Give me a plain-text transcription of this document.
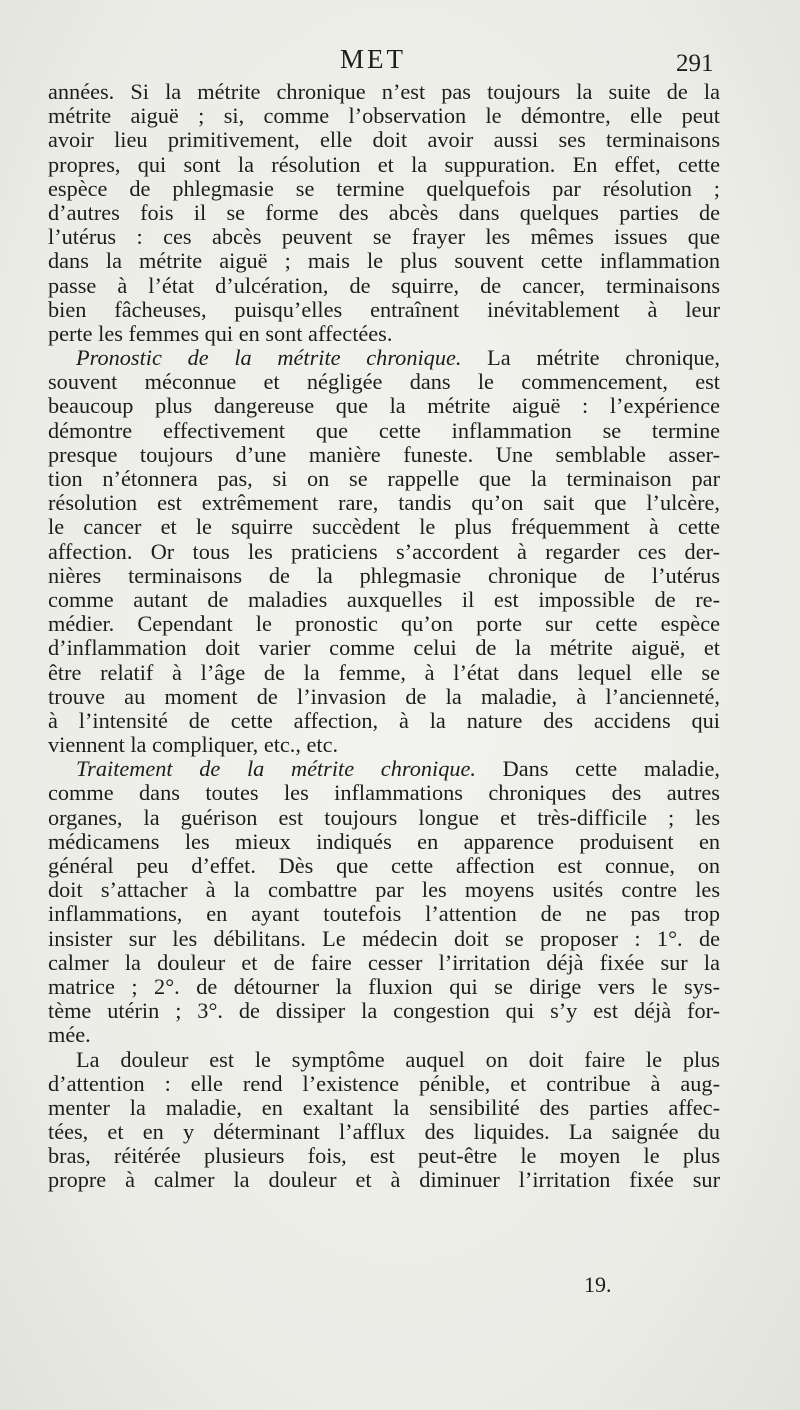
MET	291
années. Si la métrite chronique n’est pas toujours la suite de la
métrite aiguë ; si, comme l’observation le démontre, elle peut
avoir lieu primitivement, elle doit avoir aussi ses terminaisons
propres, qui sont la résolution et la suppuration. En effet, cette
espèce de phlegmasie se termine quelquefois par résolution ;
d’autres fois il se forme des abcès dans quelques parties de
l’utérus : ces abcès peuvent se frayer les mêmes issues que
dans la métrite aiguë ; mais le plus souvent cette inflammation
passe à l’état d’ulcération, de squirre, de cancer, terminaisons
bien fâcheuses, puisqu’elles entraînent inévitablement à leur
perte les femmes qui en sont affectées.
Pronostic de la métrite chronique. La métrite chronique,
souvent méconnue et négligée dans le commencement, est
beaucoup plus dangereuse que la métrite aiguë : l’expérience
démontre effectivement que cette inflammation se termine
presque toujours d’une manière funeste. Une semblable asser-
tion n’étonnera pas, si on se rappelle que la terminaison par
résolution est extrêmement rare, tandis qu’on sait que l’ulcère,
le cancer et le squirre succèdent le plus fréquemment à cette
affection. Or tous les praticiens s’accordent à regarder ces der-
nières terminaisons de la phlegmasie chronique de l’utérus
comme autant de maladies auxquelles il est impossible de re-
médier. Cependant le pronostic qu’on porte sur cette espèce
d’inflammation doit varier comme celui de la métrite aiguë, et
être relatif à l’âge de la femme, à l’état dans lequel elle se
trouve au moment de l’invasion de la maladie, à l’ancienneté,
à l’intensité de cette affection, à la nature des accidens qui
viennent la compliquer, etc., etc.
Traitement de la métrite chronique. Dans cette maladie,
comme dans toutes les inflammations chroniques des autres
organes, la guérison est toujours longue et très-difficile ; les
médicamens les mieux indiqués en apparence produisent en
général peu d’effet. Dès que cette affection est connue, on
doit s’attacher à la combattre par les moyens usités contre les
inflammations, en ayant toutefois l’attention de ne pas trop
insister sur les débilitans. Le médecin doit se proposer : 1°. de
calmer la douleur et de faire cesser l’irritation déjà fixée sur la
matrice ; 2°. de détourner la fluxion qui se dirige vers le sys-
tème utérin ; 3°. de dissiper la congestion qui s’y est déjà for-
mée.
La douleur est le symptôme auquel on doit faire le plus
d’attention : elle rend l’existence pénible, et contribue à aug-
menter la maladie, en exaltant la sensibilité des parties affec-
tées, et en y déterminant l’afflux des liquides. La saignée du
bras, réitérée plusieurs fois, est peut-être le moyen le plus
propre à calmer la douleur et à diminuer l’irritation fixée sur
19.
